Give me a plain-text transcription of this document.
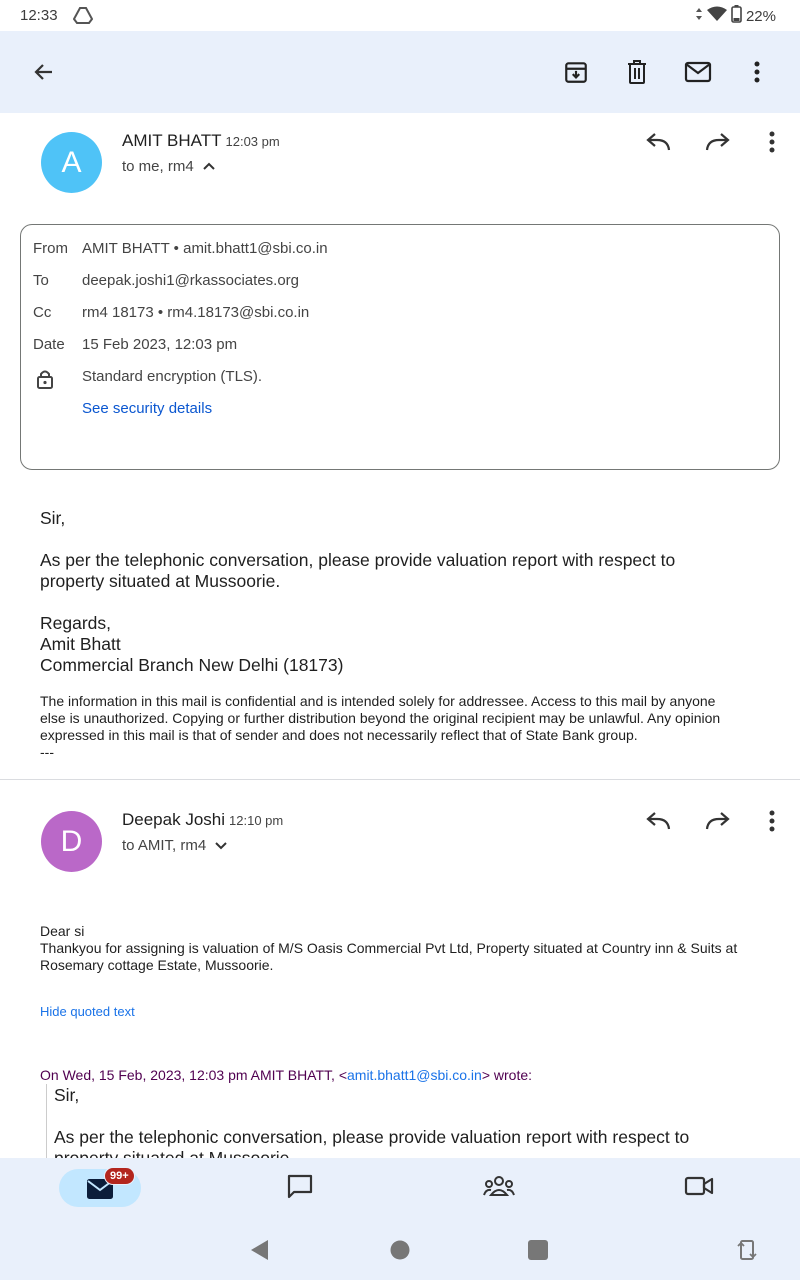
12:33	22%
A
AMIT BHATT 12:03 pm
to me, rm4
From AMIT BHATT • amit.bhatt1@sbi.co.in
To	deepak.joshi1@rkassociates.org
Cc	rm4 18173 • rm4.18173@sbi.co.in
Date	15 Feb 2023, 12:03 pm
Standard encryption (TLS).
See security details
Sir,
As per the telephonic conversation, please provide valuation report with respect to
property situated at Mussoorie.
Regards,
Amit Bhatt
Commercial Branch New Delhi (18173)
The information in this mail is confidential and is intended solely for addressee. Access to this mail by anyone
else is unauthorized. Copying or further distribution beyond the original recipient may be unlawful. Any opinion
expressed in this mail is that of sender and does not necessarily reflect that of State Bank group.
---
D
Deepak Joshi 12:10 pm
to AMIT, rm4
Dear si
Thankyou for assigning is valuation of M/S Oasis Commercial Pvt Ltd, Property situated at Country inn & Suits at
Rosemary cottage Estate, Mussoorie.
Hide quoted text
On Wed, 15 Feb, 2023, 12:03 pm AMIT BHATT, <amit.bhatt1@sbi.co.in> wrote:
Sir,
As per the telephonic conversation, please provide valuation report with respect to
99+
